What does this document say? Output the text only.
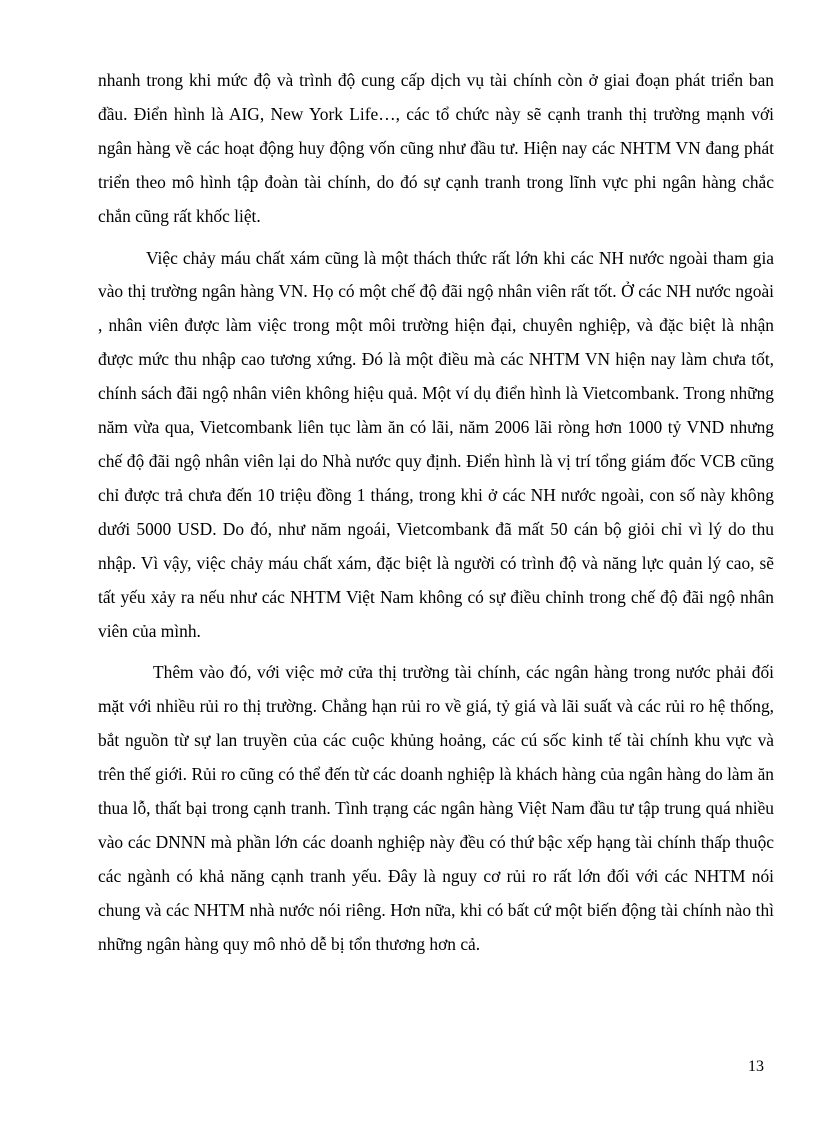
nhanh trong khi mức độ và trình độ cung cấp dịch vụ tài chính còn ở giai đoạn phát triển ban đầu. Điển hình là AIG, New York Life…, các tổ chức này sẽ cạnh tranh thị trường mạnh với ngân hàng về các hoạt động huy động vốn cũng như đầu tư. Hiện nay các NHTM VN đang phát triển theo mô hình tập đoàn tài chính, do đó sự cạnh tranh trong lĩnh vực phi ngân hàng chắc chắn cũng rất khốc liệt.

Việc chảy máu chất xám cũng là một thách thức rất lớn khi các NH nước ngoài tham gia vào thị trường ngân hàng VN. Họ có một chế độ đãi ngộ nhân viên rất tốt. Ở các NH nước ngoài , nhân viên được làm việc trong một môi trường hiện đại, chuyên nghiệp, và đặc biệt là nhận được mức thu nhập cao tương xứng. Đó là một điều mà các NHTM VN hiện nay làm chưa tốt, chính sách đãi ngộ nhân viên không hiệu quả. Một ví dụ điển hình là Vietcombank. Trong những năm vừa qua, Vietcombank liên tục làm ăn có lãi, năm 2006 lãi ròng hơn 1000 tỷ VND nhưng chế độ đãi ngộ nhân viên lại do Nhà nước quy định. Điển hình là vị trí tổng giám đốc VCB cũng chỉ được trả chưa đến 10 triệu đồng 1 tháng, trong khi ở các NH nước ngoài, con số này không dưới 5000 USD. Do đó, như năm ngoái, Vietcombank đã mất 50 cán bộ giỏi chỉ vì lý do thu nhập. Vì vậy, việc chảy máu chất xám, đặc biệt là người có trình độ và năng lực quản lý cao, sẽ tất yếu xảy ra nếu như các NHTM Việt Nam không có sự điều chỉnh trong chế độ đãi ngộ nhân viên của mình.

Thêm vào đó, với việc mở cửa thị trường tài chính, các ngân hàng trong nước phải đối mặt với nhiều rủi ro thị trường. Chẳng hạn rủi ro về giá, tỷ giá và lãi suất và các rủi ro hệ thống, bắt nguồn từ sự lan truyền của các cuộc khủng hoảng, các cú sốc kinh tế tài chính khu vực và trên thế giới. Rủi ro cũng có thể đến từ các doanh nghiệp là khách hàng của ngân hàng do làm ăn thua lỗ, thất bại trong cạnh tranh. Tình trạng các ngân hàng Việt Nam đầu tư tập trung quá nhiều vào các DNNN mà phần lớn các doanh nghiệp này đều có thứ bậc xếp hạng tài chính thấp thuộc các ngành có khả năng cạnh tranh yếu. Đây là nguy cơ rủi ro rất lớn đối với các NHTM nói chung và các NHTM nhà nước nói riêng. Hơn nữa, khi có bất cứ một biến động tài chính nào thì những ngân hàng quy mô nhỏ dễ bị tổn thương hơn cả.

13
